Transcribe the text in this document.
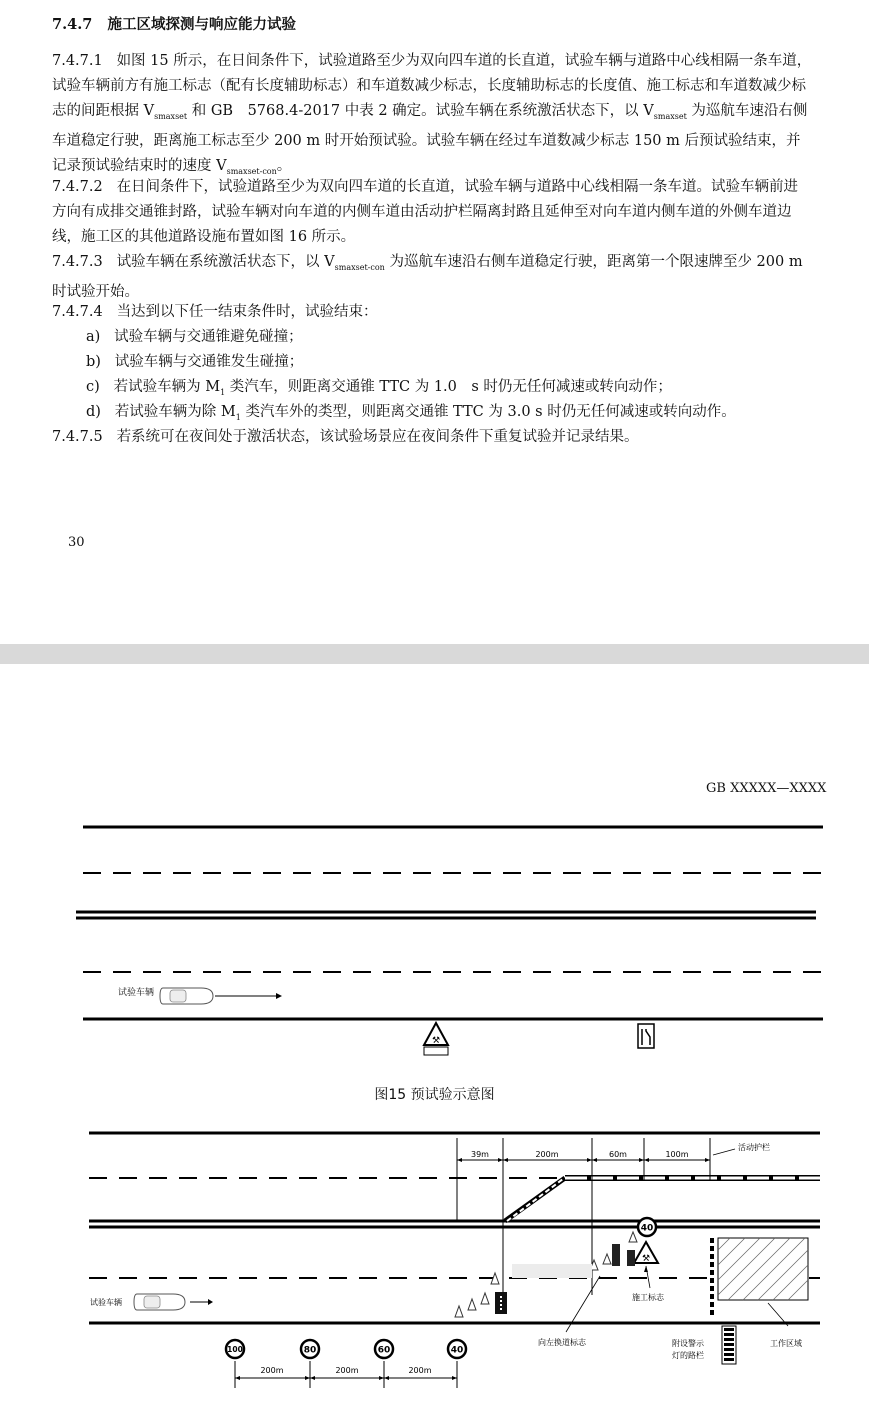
7.4.7 施工区域探测与响应能力试验
7.4.7.1 如图 15 所示，在日间条件下，试验道路至少为双向四车道的长直道，试验车辆与道路中心线相隔一条车道，试验车辆前方有施工标志（配有长度辅助标志）和车道数减少标志，长度辅助标志的长度值、施工标志和车道数减少标志的间距根据 $V_{smaxset}$ 和 GB　5768.4-2017 中表 2 确定。试验车辆在系统激活状态下，以 $V_{smaxset}$ 为巡航车速沿右侧车道稳定行驶，距离施工标志至少 200 m 时开始预试验。试验车辆在经过车道数减少标志 150 m 后预试验结束，并记录预试验结束时的速度 $V_{smaxset-con}$。
7.4.7.2 在日间条件下，试验道路至少为双向四车道的长直道，试验车辆与道路中心线相隔一条车道。试验车辆前进方向有成排交通锥封路，试验车辆对向车道的内侧车道由活动护栏隔离封路且延伸至对向车道内侧车道的外侧车道边线，施工区的其他道路设施布置如图 16 所示。
7.4.7.3 试验车辆在系统激活状态下，以 $V_{smaxset-con}$ 为巡航车速沿右侧车道稳定行驶，距离第一个限速牌至少 200 m 时试验开始。
7.4.7.4 当达到以下任一结束条件时，试验结束：
a) 试验车辆与交通锥避免碰撞；
b) 试验车辆与交通锥发生碰撞；
c) 若试验车辆为 $M_1$ 类汽车，则距离交通锥 TTC 为 1.0　s 时仍无任何减速或转向动作；
d) 若试验车辆为除 $M_1$ 类汽车外的类型，则距离交通锥 TTC 为 3.0 s 时仍无任何减速或转向动作。
7.4.7.5 若系统可在夜间处于激活状态，该试验场景应在夜间条件下重复试验并记录结果。
30
GB XXXXX—XXXX
⚒
试验车辆
图15 预试验示意图
39m	200m	60m	100m
活动护栏
40
⚒
施工标志
工作区域
附设警示
灯的路栏
向左换道标志
试验车辆
100	80	60	40
200m	200m	200m
